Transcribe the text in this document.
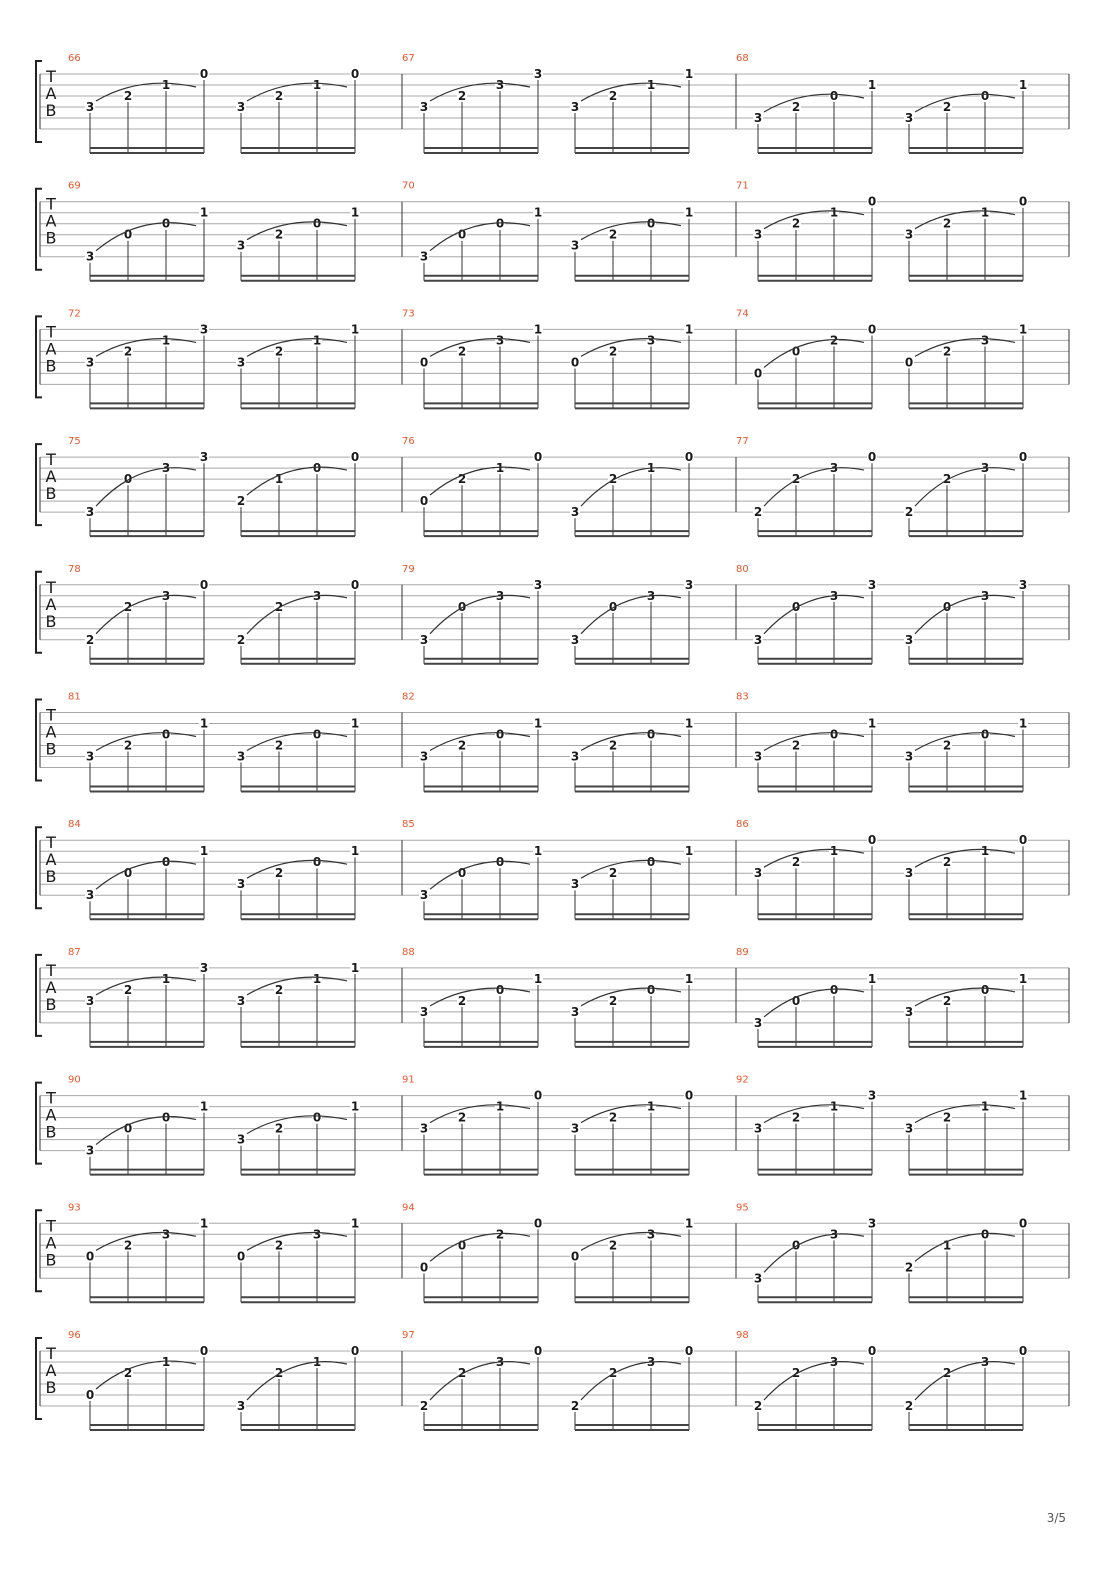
T
A
B
66
3
2
1
0
3
2
1
0
67
3
2
3
3
3
2
1
1
68
3
2
0
1
3
2
0
1
T
A
B
69
3
0
0
1
3
2
0
1
70
3
0
0
1
3
2
0
1
71
3
2
1
0
3
2
1
0
T
A
B
72
3
2
1
3
3
2
1
1
73
0
2
3
1
0
2
3
1
74
0
0
2
0
0
2
3
1
T
A
B
75
3
0
3
3
2
1
0
0
76
0
2
1
0
3
2
1
0
77
2
2
3
0
2
2
3
0
T
A
B
78
2
2
3
0
2
2
3
0
79
3
0
3
3
3
0
3
3
80
3
0
3
3
3
0
3
3
T
A
B
81
3
2
0
1
3
2
0
1
82
3
2
0
1
3
2
0
1
83
3
2
0
1
3
2
0
1
T
A
B
84
3
0
0
1
3
2
0
1
85
3
0
0
1
3
2
0
1
86
3
2
1
0
3
2
1
0
T
A
B
87
3
2
1
3
3
2
1
1
88
3
2
0
1
3
2
0
1
89
3
0
0
1
3
2
0
1
T
A
B
90
3
0
0
1
3
2
0
1
91
3
2
1
0
3
2
1
0
92
3
2
1
3
3
2
1
1
T
A
B
93
0
2
3
1
0
2
3
1
94
0
0
2
0
0
2
3
1
95
3
0
3
3
2
1
0
0
T
A
B
96
0
2
1
0
3
2
1
0
97
2
2
3
0
2
2
3
0
98
2
2
3
0
2
2
3
0
3/5
